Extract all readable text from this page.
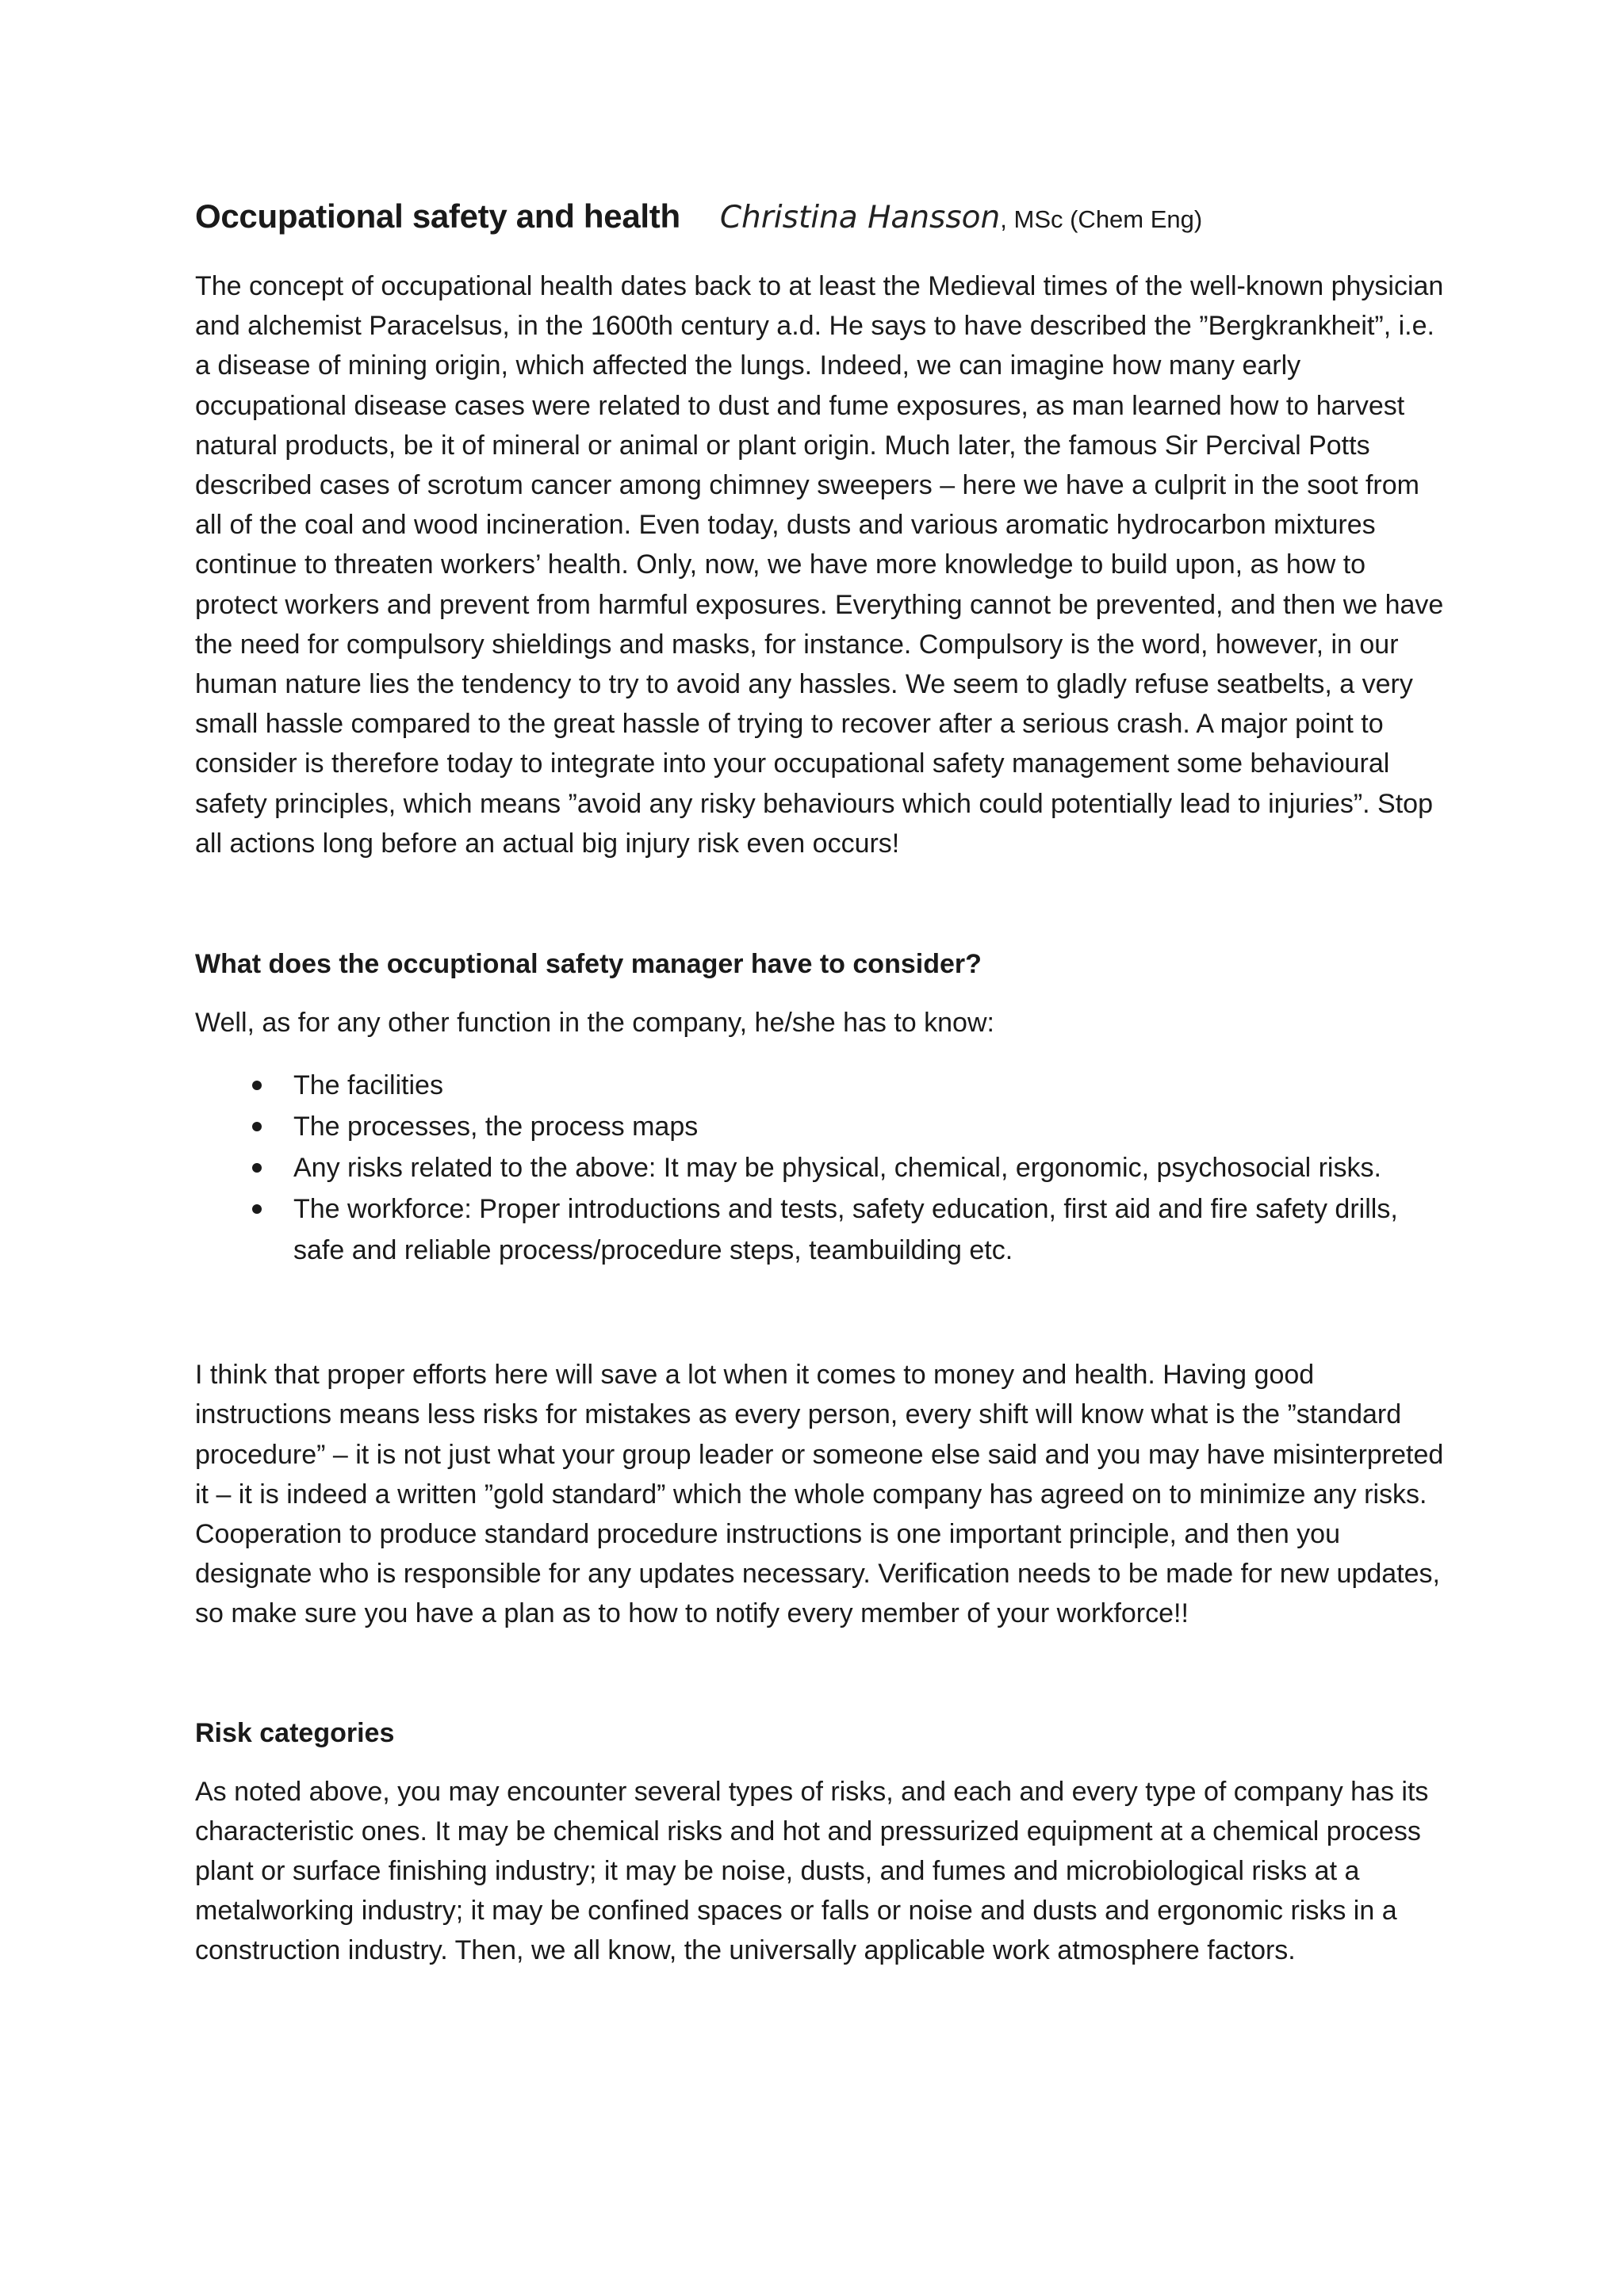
Occupational safety and health Christina Hansson , MSc (Chem Eng)

The concept of occupational health dates back to at least the Medieval times of the well-known physician and alchemist Paracelsus, in the 1600th century a.d. He says to have described the ”Bergkrankheit”, i.e. a disease of mining origin, which affected the lungs. Indeed, we can imagine how many early occupational disease cases were related to dust and fume exposures, as man learned how to harvest natural products, be it of mineral or animal or plant origin. Much later, the famous Sir Percival Potts described cases of scrotum cancer among chimney sweepers – here we have a culprit in the soot from all of the coal and wood incineration. Even today, dusts and various aromatic hydrocarbon mixtures continue to threaten workers’ health. Only, now, we have more knowledge to build upon, as how to protect workers and prevent from harmful exposures. Everything cannot be prevented, and then we have the need for compulsory shieldings and masks, for instance. Compulsory is the word, however, in our human nature lies the tendency to try to avoid any hassles. We seem to gladly refuse seatbelts, a very small hassle compared to the great hassle of trying to recover after a serious crash. A major point to consider is therefore today to integrate into your occupational safety management some behavioural safety principles, which means ”avoid any risky behaviours which could potentially lead to injuries”. Stop all actions long before an actual big injury risk even occurs!

What does the occuptional safety manager have to consider?

Well, as for any other function in the company, he/she has to know:

The facilities
The processes, the process maps
Any risks related to the above: It may be physical, chemical, ergonomic, psychosocial risks.
The workforce: Proper introductions and tests, safety education, first aid and fire safety drills, safe and reliable process/procedure steps, teambuilding etc.

I think that proper efforts here will save a lot when it comes to money and health. Having good instructions means less risks for mistakes as every person, every shift will know what is the ”standard procedure” – it is not just what your group leader or someone else said and you may have misinterpreted it – it is indeed a written ”gold standard” which the whole company has agreed on to minimize any risks. Cooperation to produce standard procedure instructions is one important principle, and then you designate who is responsible for any updates necessary. Verification needs to be made for new updates, so make sure you have a plan as to how to notify every member of your workforce!!

Risk categories

As noted above, you may encounter several types of risks, and each and every type of company has its characteristic ones. It may be chemical risks and hot and pressurized equipment at a chemical process plant or surface finishing industry; it may be noise, dusts, and fumes and microbiological risks at a metalworking industry; it may be confined spaces or falls or noise and dusts and ergonomic risks in a construction industry. Then, we all know, the universally applicable work atmosphere factors.
